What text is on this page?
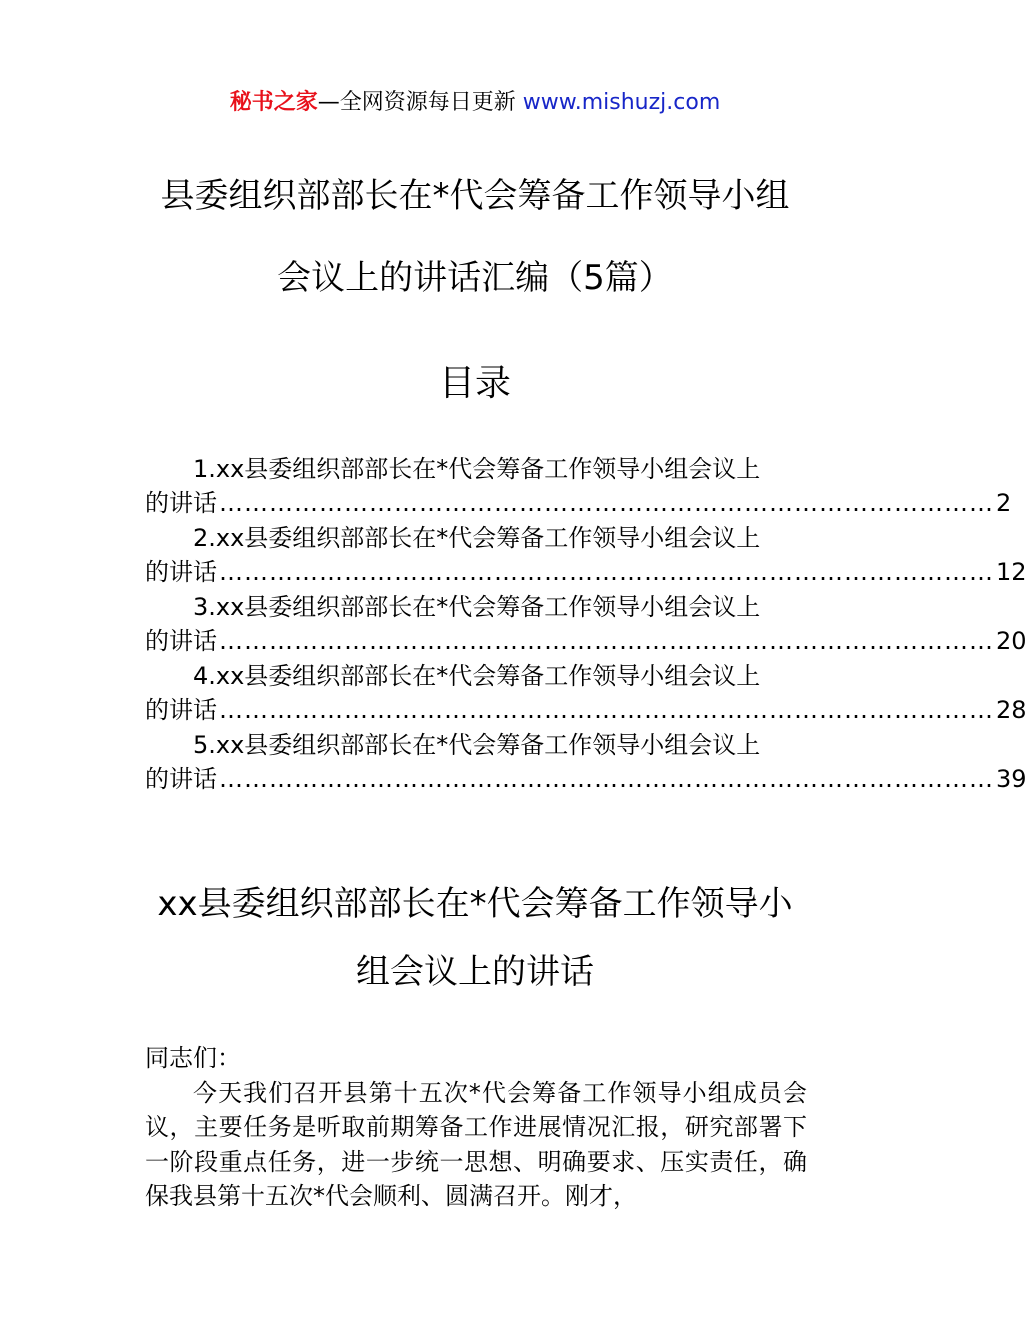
秘书之家—全网资源每日更新 www.mishuzj.com
县委组织部部长在*代会筹备工作领导小组
会议上的讲话汇编（5篇）
目录
1.xx县委组织部部长在*代会筹备工作领导小组会议上
的讲话 ………………………………………………………………………………… 2
2.xx县委组织部部长在*代会筹备工作领导小组会议上
的讲话 ………………………………………………………………………………… 12
3.xx县委组织部部长在*代会筹备工作领导小组会议上
的讲话 ………………………………………………………………………………… 20
4.xx县委组织部部长在*代会筹备工作领导小组会议上
的讲话 ………………………………………………………………………………… 28
5.xx县委组织部部长在*代会筹备工作领导小组会议上
的讲话 ………………………………………………………………………………… 39
xx县委组织部部长在*代会筹备工作领导小
组会议上的讲话

同志们：

今天我们召开县第十五次*代会筹备工作领导小组成员会议，主要任务是听取前期筹备工作进展情况汇报，研究部署下一阶段重点任务，进一步统一思想、明确要求、压实责任，确保我县第十五次*代会顺利、圆满召开。刚才，
